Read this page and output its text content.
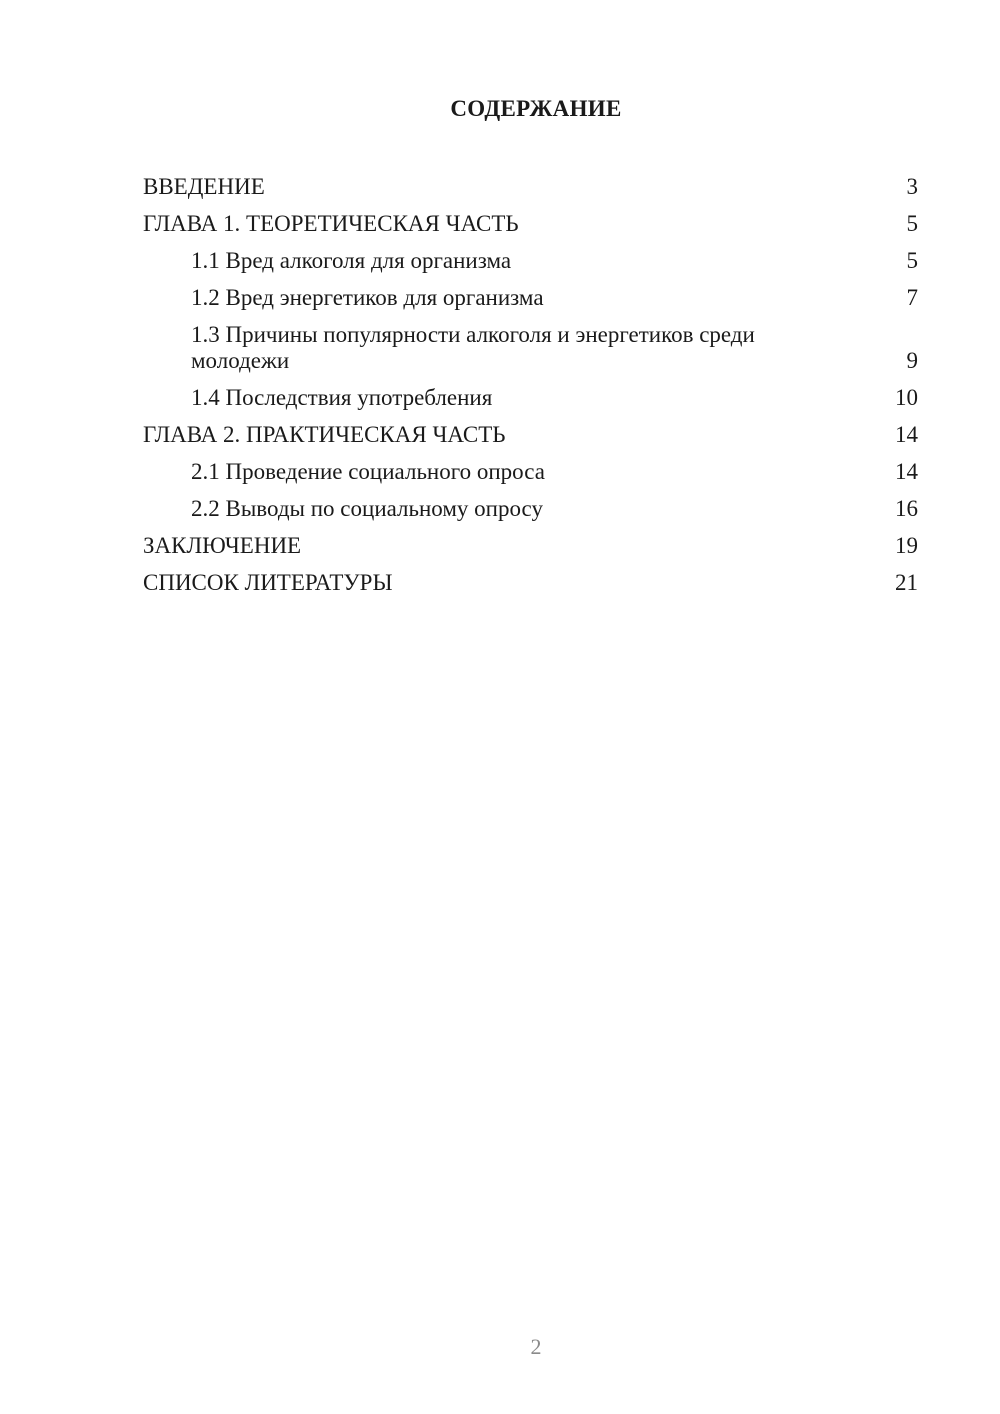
СОДЕРЖАНИЕ
ВВЕДЕНИЕ	3
ГЛАВА 1. ТЕОРЕТИЧЕСКАЯ ЧАСТЬ	5
1.1 Вред алкоголя для организма	5
1.2 Вред энергетиков для организма	7
1.3 Причины популярности алкоголя и энергетиков среди молодежи	9
1.4 Последствия употребления	10
ГЛАВА 2. ПРАКТИЧЕСКАЯ ЧАСТЬ	14
2.1 Проведение социального опроса	14
2.2 Выводы по социальному опросу	16
ЗАКЛЮЧЕНИЕ	19
СПИСОК ЛИТЕРАТУРЫ	21
2
